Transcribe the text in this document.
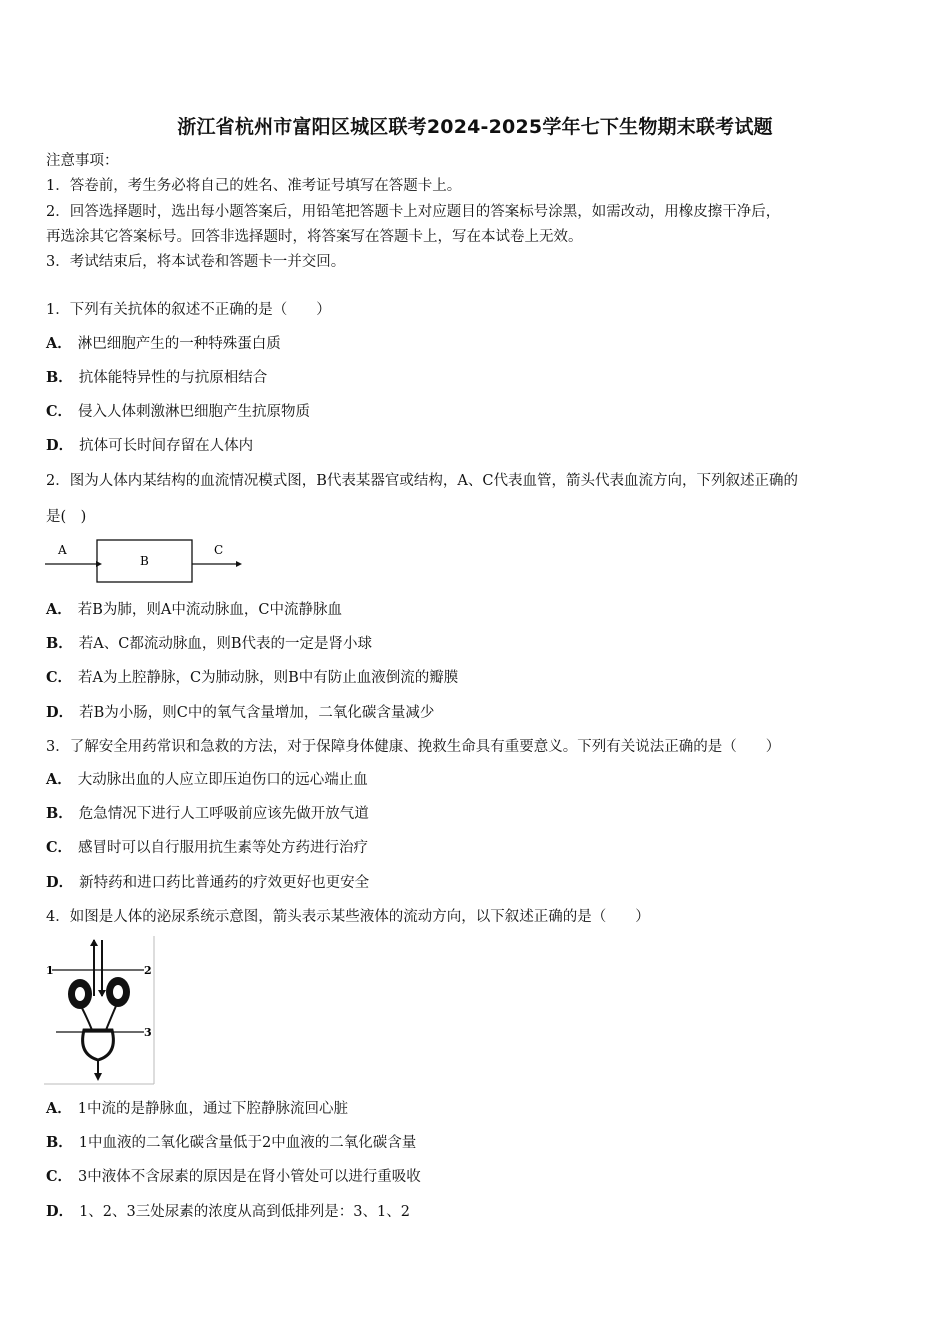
浙江省杭州市富阳区城区联考2024-2025学年七下生物期末联考试题
注意事项：
1．答卷前，考生务必将自己的姓名、准考证号填写在答题卡上。
2．回答选择题时，选出每小题答案后，用铅笔把答题卡上对应题目的答案标号涂黑，如需改动，用橡皮擦干净后，
再选涂其它答案标号。回答非选择题时，将答案写在答题卡上，写在本试卷上无效。
3．考试结束后，将本试卷和答题卡一并交回。
1．下列有关抗体的叙述不正确的是（　　）
A． 淋巴细胞产生的一种特殊蛋白质
B． 抗体能特异性的与抗原相结合
C． 侵入人体刺激淋巴细胞产生抗原物质
D． 抗体可长时间存留在人体内
2．图为人体内某结构的血流情况模式图，B代表某器官或结构，A、C代表血管，箭头代表血流方向，下列叙述正确的
是(　)
A
B
C
A． 若B为肺，则A中流动脉血，C中流静脉血
B． 若A、C都流动脉血，则B代表的一定是肾小球
C． 若A为上腔静脉，C为肺动脉，则B中有防止血液倒流的瓣膜
D． 若B为小肠，则C中的氧气含量增加，二氧化碳含量减少
3．了解安全用药常识和急救的方法，对于保障身体健康、挽救生命具有重要意义。下列有关说法正确的是（　　）
A． 大动脉出血的人应立即压迫伤口的远心端止血
B． 危急情况下进行人工呼吸前应该先做开放气道
C． 感冒时可以自行服用抗生素等处方药进行治疗
D． 新特药和进口药比普通药的疗效更好也更安全
4．如图是人体的泌尿系统示意图，箭头表示某些液体的流动方向，以下叙述正确的是（　　）
1	2
3
A． 1中流的是静脉血，通过下腔静脉流回心脏
B． 1中血液的二氧化碳含量低于2中血液的二氧化碳含量
C． 3中液体不含尿素的原因是在肾小管处可以进行重吸收
D． 1、2、3三处尿素的浓度从高到低排列是：3、1、2
